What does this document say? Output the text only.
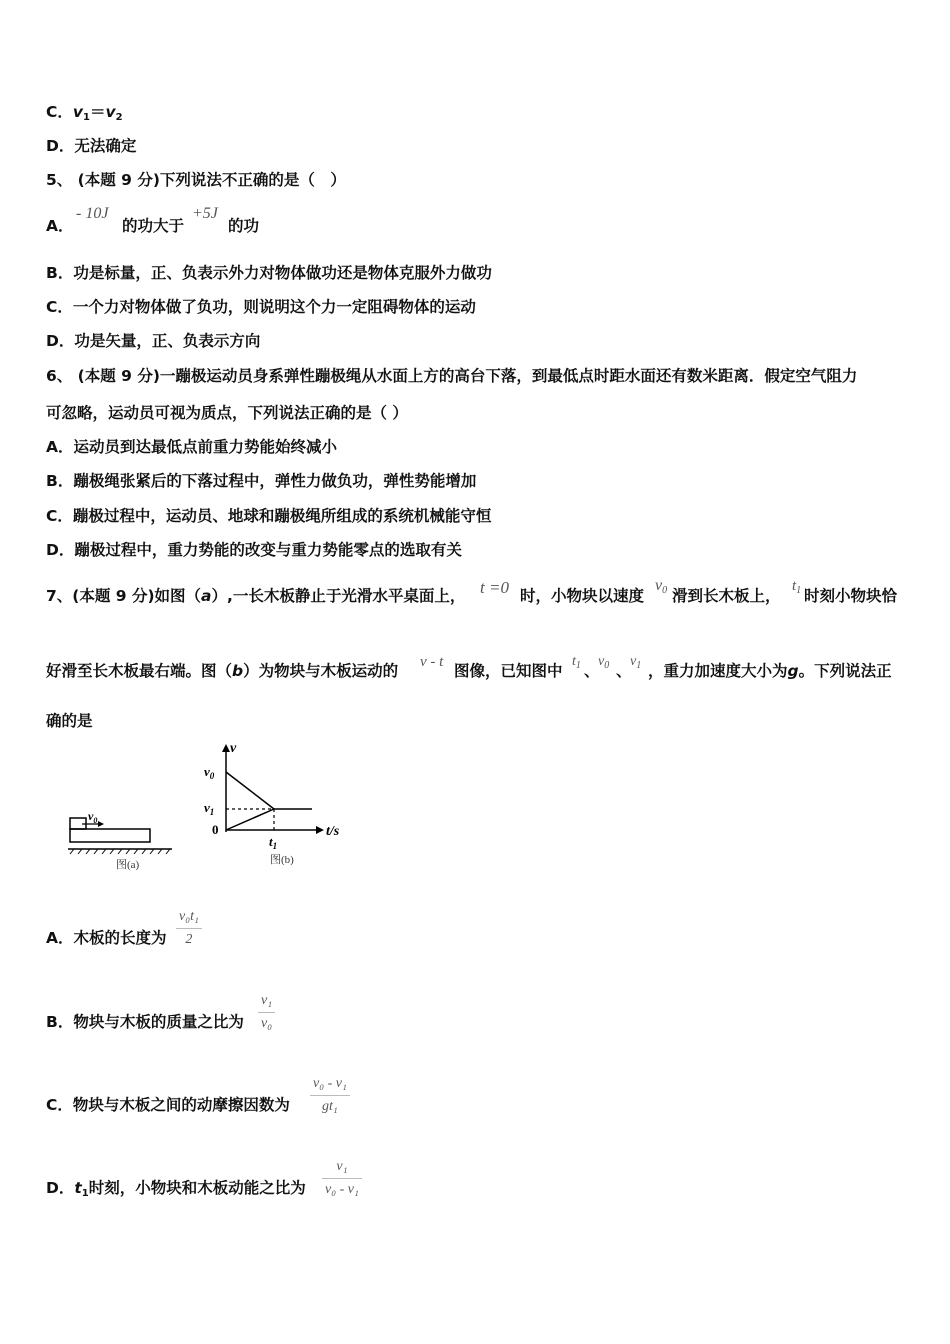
C．$v_1=v_2$
D．无法确定
5、 (本题 9 分)下列说法不正确的是（　）
A．
- 10J
的功大于
+5J
的功
B．功是标量，正、负表示外力对物体做功还是物体克服外力做功
C．一个力对物体做了负功，则说明这个力一定阻碍物体的运动
D．功是矢量，正、负表示方向
6、 (本题 9 分)一蹦极运动员身系弹性蹦极绳从水面上方的高台下落，到最低点时距水面还有数米距离．假定空气阻力
可忽略，运动员可视为质点，下列说法正确的是（ ）
A．运动员到达最低点前重力势能始终减小
B．蹦极绳张紧后的下落过程中，弹性力做负功，弹性势能增加
C．蹦极过程中，运动员、地球和蹦极绳所组成的系统机械能守恒
D．蹦极过程中，重力势能的改变与重力势能零点的选取有关
7、(本题 9 分)如图（a）,一长木板静止于光滑水平桌面上， t =0 时，小物块以速度
$v_0$ 滑到长木板上，
$t_1$ 时刻小物块恰
好滑至长木板最右端。图（b）为物块与木板运动的 v - t 图像，已知图中
$t_1$ 、
$v_0$ 、
$v_1$ ，重力加速度大小为g。下列说法正
确的是
$v_0$
图(a)
v
t/s
$v_0$
$v_1$
0
$t_1$
图(b)
A．木板的长度为 $\frac{\text{v₀t₁}}{2}$
B．物块与木板的质量之比为 $\frac{\text{v₁}}{\text{v₀}}$
C．物块与木板之间的动摩擦因数为 $\frac{\text{v₀ - v₁}}{\text{gt₁}}$
D．$t_1$时刻，小物块和木板动能之比为 $\frac{\text{v₁}}{\text{v₀ - v₁}}$
